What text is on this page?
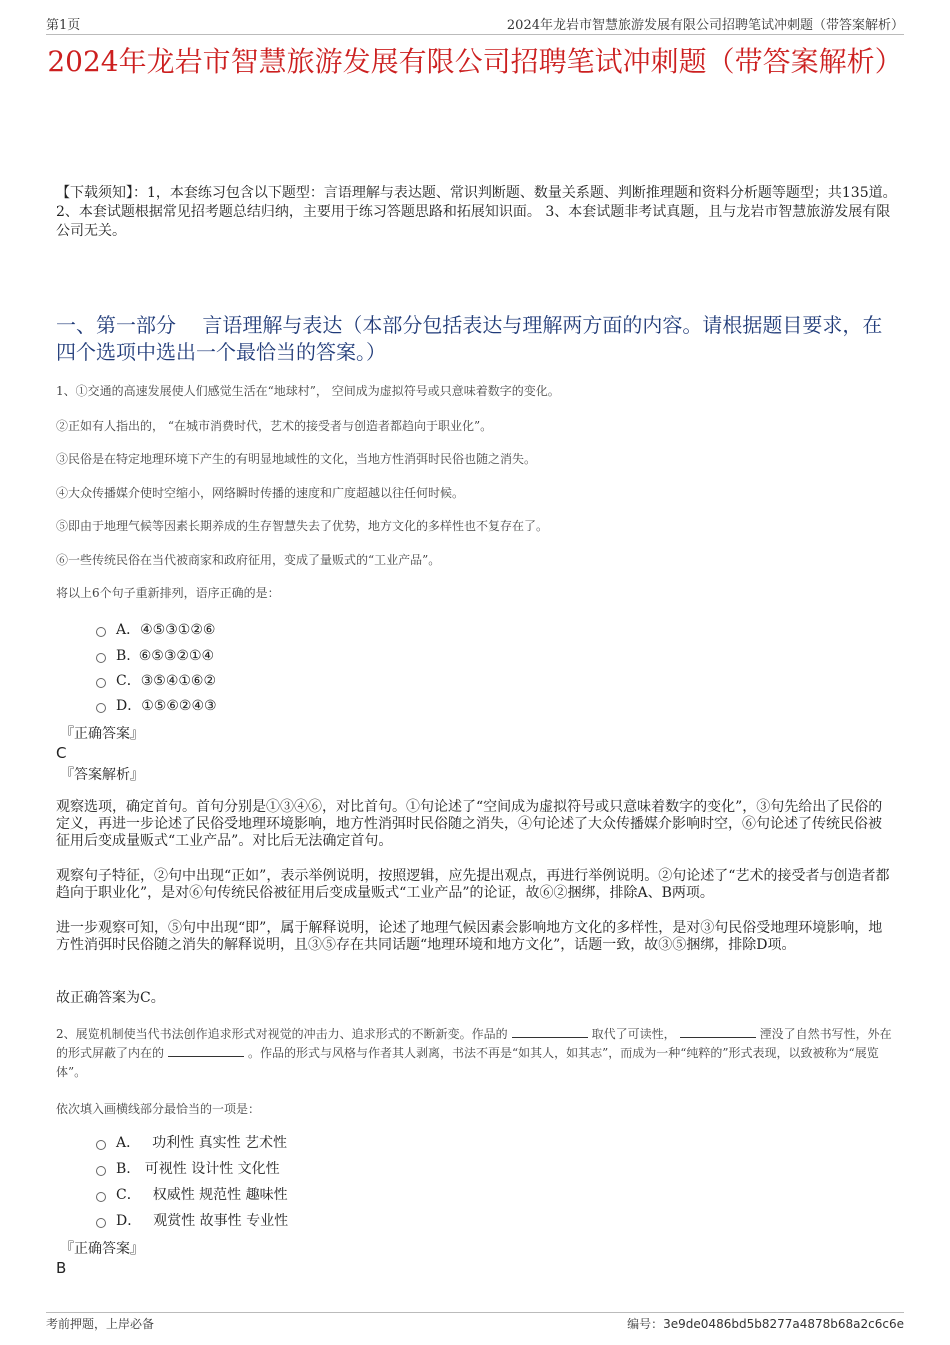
第1页	2024年龙岩市智慧旅游发展有限公司招聘笔试冲刺题（带答案解析）
2024年龙岩市智慧旅游发展有限公司招聘笔试冲刺题（带答案解析）
【下载须知】：1，本套练习包含以下题型：言语理解与表达题、常识判断题、数量关系题、判断推理题和资料分析题等题型；共135道。 2、本套试题根据常见招考题总结归纳，主要用于练习答题思路和拓展知识面。 3、本套试题非考试真题，且与龙岩市智慧旅游发展有限公司无关。
一、第一部分　 言语理解与表达（本部分包括表达与理解两方面的内容。请根据题目要求，在四个选项中选出一个最恰当的答案。）
1、①交通的高速发展使人们感觉生活在“地球村”， 空间成为虚拟符号或只意味着数字的变化。
②正如有人指出的， “在城市消费时代，艺术的接受者与创造者都趋向于职业化”。
③民俗是在特定地理环境下产生的有明显地域性的文化，当地方性消弭时民俗也随之消失。
④大众传播媒介使时空缩小，网络瞬时传播的速度和广度超越以往任何时候。
⑤即由于地理气候等因素长期养成的生存智慧失去了优势，地方文化的多样性也不复存在了。
⑥一些传统民俗在当代被商家和政府征用，变成了量贩式的“工业产品”。
将以上6个句子重新排列，语序正确的是：
A． ④⑤③①②⑥
B. ⑥⑤③②①④
C． ③⑤④①⑥②
D． ①⑤⑥②④③
『正确答案』
C
『答案解析』
观察选项，确定首句。首句分别是①③④⑥，对比首句。①句论述了“空间成为虚拟符号或只意味着数字的变化”，③句先给出了民俗的定义，再进一步论述了民俗受地理环境影响，地方性消弭时民俗随之消失，④句论述了大众传播媒介影响时空，⑥句论述了传统民俗被征用后变成量贩式“工业产品”。对比后无法确定首句。
观察句子特征，②句中出现“正如”，表示举例说明，按照逻辑，应先提出观点，再进行举例说明。②句论述了“艺术的接受者与创造者都趋向于职业化”，是对⑥句传统民俗被征用后变成量贩式“工业产品”的论证，故⑥②捆绑，排除A、B两项。
进一步观察可知，⑤句中出现“即”，属于解释说明，论述了地理气候因素会影响地方文化的多样性，是对③句民俗受地理环境影响，地方性消弭时民俗随之消失的解释说明，且③⑤存在共同话题“地理环境和地方文化”，话题一致，故③⑤捆绑，排除D项。
故正确答案为C。
2、展览机制使当代书法创作追求形式对视觉的冲击力、追求形式的不断新变。作品的	取代了可读性，	湮没了自然书写性，外在的形式屏蔽了内在的	。作品的形式与风格与作者其人剥离，书法不再是“如其人，如其志”，而成为一种“纯粹的”形式表现，以致被称为“展览体”。
依次填入画横线部分最恰当的一项是：
A． 功利性 真实性 艺术性
B. 可视性 设计性 文化性
C． 权威性 规范性 趣味性
D． 观赏性 故事性 专业性
『正确答案』
B
考前押题，上岸必备	编号：3e9de0486bd5b8277a4878b68a2c6c6e
